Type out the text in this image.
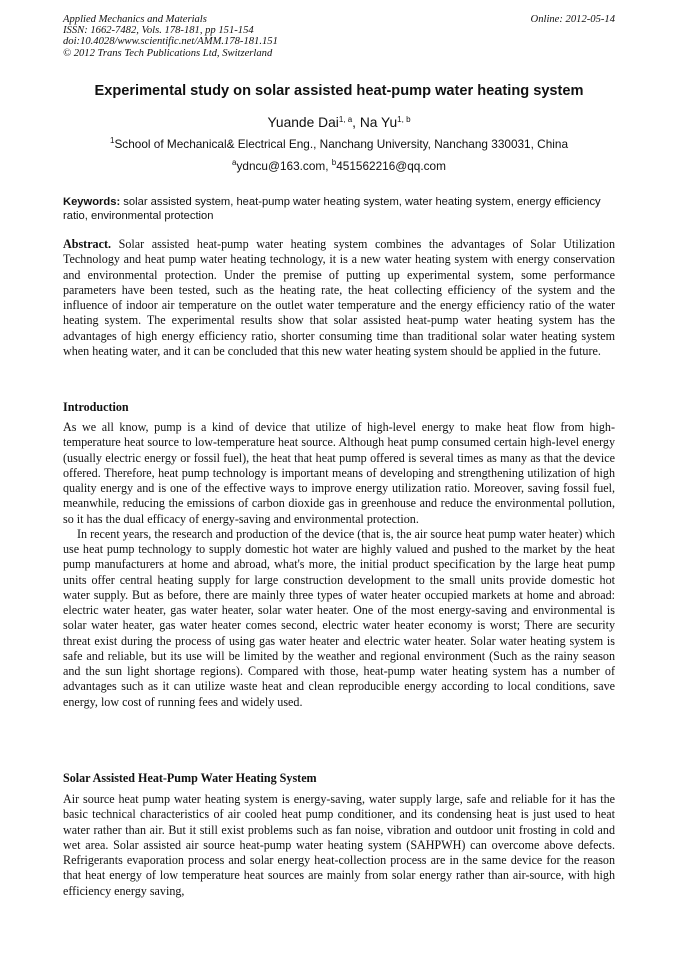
Applied Mechanics and Materials
ISSN: 1662-7482, Vols. 178-181, pp 151-154
doi:10.4028/www.scientific.net/AMM.178-181.151
© 2012 Trans Tech Publications Ltd, Switzerland
Online: 2012-05-14
Experimental study on solar assisted heat-pump water heating system
Yuande Dai$^{1, a}$, Na Yu$^{1, b}$
$^1$School of Mechanical& Electrical Eng., Nanchang University, Nanchang 330031, China
$^a$ydncu@163.com, $^b$451562216@qq.com
Keywords: solar assisted system, heat-pump water heating system, water heating system, energy efficiency ratio, environmental protection
Abstract. Solar assisted heat-pump water heating system combines the advantages of Solar Utilization Technology and heat pump water heating technology, it is a new water heating system with energy conservation and environmental protection. Under the premise of putting up experimental system, some performance parameters have been tested, such as the heating rate, the heat collecting efficiency of the system and the influence of indoor air temperature on the outlet water temperature and the energy efficiency ratio of the water heating system. The experimental results show that solar assisted heat-pump water heating system has the advantages of high energy efficiency ratio, shorter consuming time than traditional solar water heating system when heating water, and it can be concluded that this new water heating system should be applied in the future.
Introduction

As we all know, pump is a kind of device that utilize of high-level energy to make heat flow from high-temperature heat source to low-temperature heat source. Although heat pump consumed certain high-level energy (usually electric energy or fossil fuel), the heat that heat pump offered is several times as many as that the device offered. Therefore, heat pump technology is important means of developing and strengthening utilization of high quality energy and is one of the effective ways to improve energy utilization ratio. Moreover, saving fossil fuel, meanwhile, reducing the emissions of carbon dioxide gas in greenhouse and reduce the environmental pollution, so it has the dual efficacy of energy-saving and environmental protection.

In recent years, the research and production of the device (that is, the air source heat pump water heater) which use heat pump technology to supply domestic hot water are highly valued and pushed to the market by the heat pump manufacturers at home and abroad, what's more, the initial product specification by the large heat pump units offer central heating supply for large construction development to the small units provide domestic hot water supply. But as before, there are mainly three types of water heater occupied markets at home and abroad: electric water heater, gas water heater, solar water heater. One of the most energy-saving and environmental is solar water heater, gas water heater comes second, electric water heater economy is worst; There are security threat exist during the process of using gas water heater and electric water heater. Solar water heating system is safe and reliable, but its use will be limited by the weather and regional environment (Such as the rainy season and the sun light shortage regions). Compared with those, heat-pump water heating system has a number of advantages such as it can utilize waste heat and clean reproducible energy according to local conditions, save energy, low cost of running fees and widely used.

Solar Assisted Heat-Pump Water Heating System

Air source heat pump water heating system is energy-saving, water supply large, safe and reliable for it has the basic technical characteristics of air cooled heat pump conditioner, and its condensing heat is just used to heat water rather than air. But it still exist problems such as fan noise, vibration and outdoor unit frosting in cold and wet area. Solar assisted air source heat-pump water heating system (SAHPWH) can overcome above defects. Refrigerants evaporation process and solar energy heat-collection process are in the same device for the reason that heat energy of low temperature heat sources are mainly from solar energy rather than air-source, with high efficiency energy saving,
